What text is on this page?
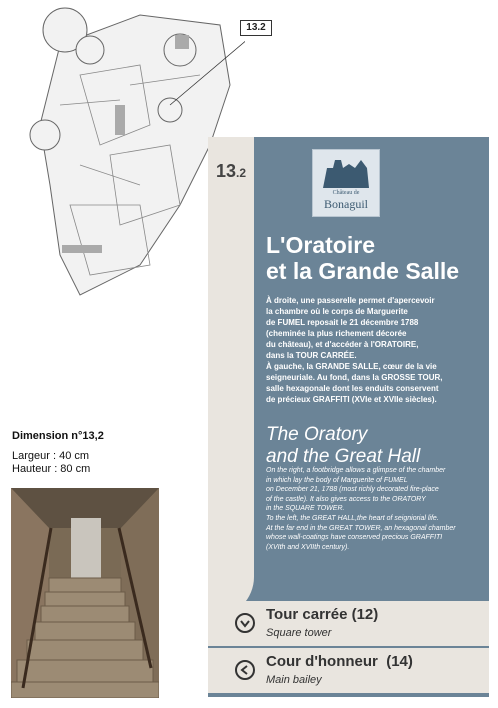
13.2
Dimension n°13,2
Largeur : 40 cm
Hauteur : 80 cm
13.2
Château de
Bonaguil
L'Oratoire
et la Grande Salle
À droite, une passerelle permet d'apercevoir
la chambre où le corps de Marguerite
de FUMEL reposait le 21 décembre 1788
(cheminée la plus richement décorée
du château), et d'accéder à l'ORATOIRE,
dans la TOUR CARRÉE.
À gauche, la GRANDE SALLE, cœur de la vie
seigneuriale. Au fond, dans la GROSSE TOUR,
salle hexagonale dont les enduits conservent
de précieux GRAFFITI (XVIe et XVIIe siècles).
The Oratory
and the Great Hall
On the right, a footbridge allows a glimpse of the chamber
in which lay the body of Marguerite of FUMEL
on December 21, 1788 (most richly decorated fire-place
of the castle). It also gives access to the ORATORY
in the SQUARE TOWER.
To the left, the GREAT HALL,the heart of seigniorial life.
At the far end in the GREAT TOWER, an hexagonal chamber
whose wall-coatings have conserved precious GRAFFITI
(XVIth and XVIIth century).
Tour carrée (12)
Square tower
Cour d'honneur  (14)
Main bailey
